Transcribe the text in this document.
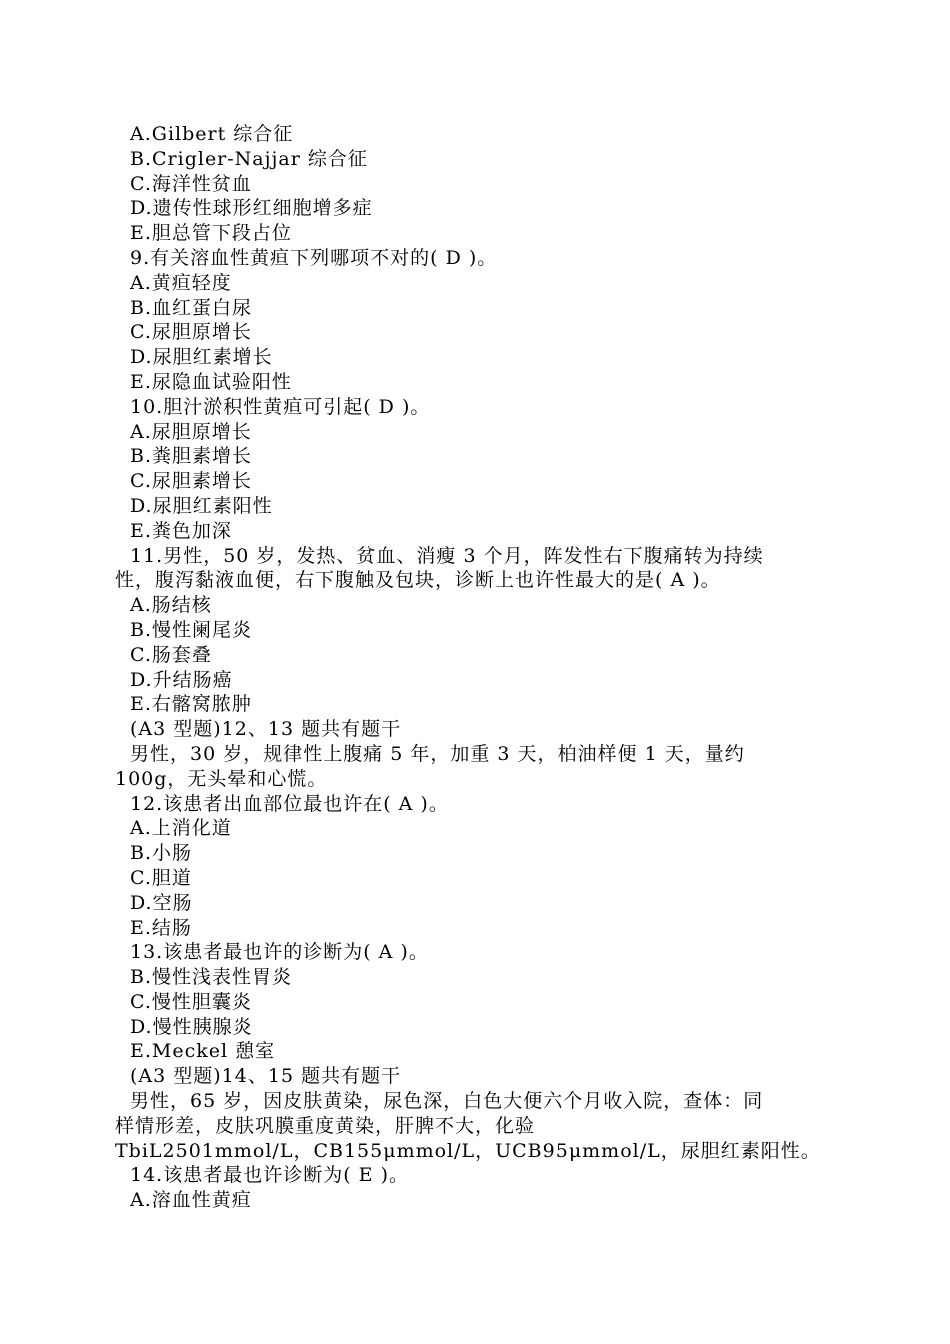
A.Gilbert 综合征
B.Crigler-Najjar 综合征
C.海洋性贫血
D.遗传性球形红细胞增多症
E.胆总管下段占位
9.有关溶血性黄疸下列哪项不对的( D )。
A.黄疸轻度
B.血红蛋白尿
C.尿胆原增长
D.尿胆红素增长
E.尿隐血试验阳性
10.胆汁淤积性黄疸可引起( D )。
A.尿胆原增长
B.粪胆素增长
C.尿胆素增长
D.尿胆红素阳性
E.粪色加深
11.男性，50 岁，发热、贫血、消瘦 3 个月，阵发性右下腹痛转为持续
性，腹泻黏液血便，右下腹触及包块，诊断上也许性最大的是( A )。
A.肠结核
B.慢性阑尾炎
C.肠套叠
D.升结肠癌
E.右髂窝脓肿
(A3 型题)12、13 题共有题干
男性，30 岁，规律性上腹痛 5 年，加重 3 天，柏油样便 1 天，量约
100g，无头晕和心慌。
12.该患者出血部位最也许在( A )。
A.上消化道
B.小肠
C.胆道
D.空肠
E.结肠
13.该患者最也许的诊断为( A )。
B.慢性浅表性胃炎
C.慢性胆囊炎
D.慢性胰腺炎
E.Meckel 憩室
(A3 型题)14、15 题共有题干
男性，65 岁，因皮肤黄染，尿色深，白色大便六个月收入院，查体：同
样情形差，皮肤巩膜重度黄染，肝脾不大，化验
TbiL2501mmol/L，CB155μmmol/L，UCB95μmmol/L，尿胆红素阳性。
14.该患者最也许诊断为( E )。
A.溶血性黄疸
